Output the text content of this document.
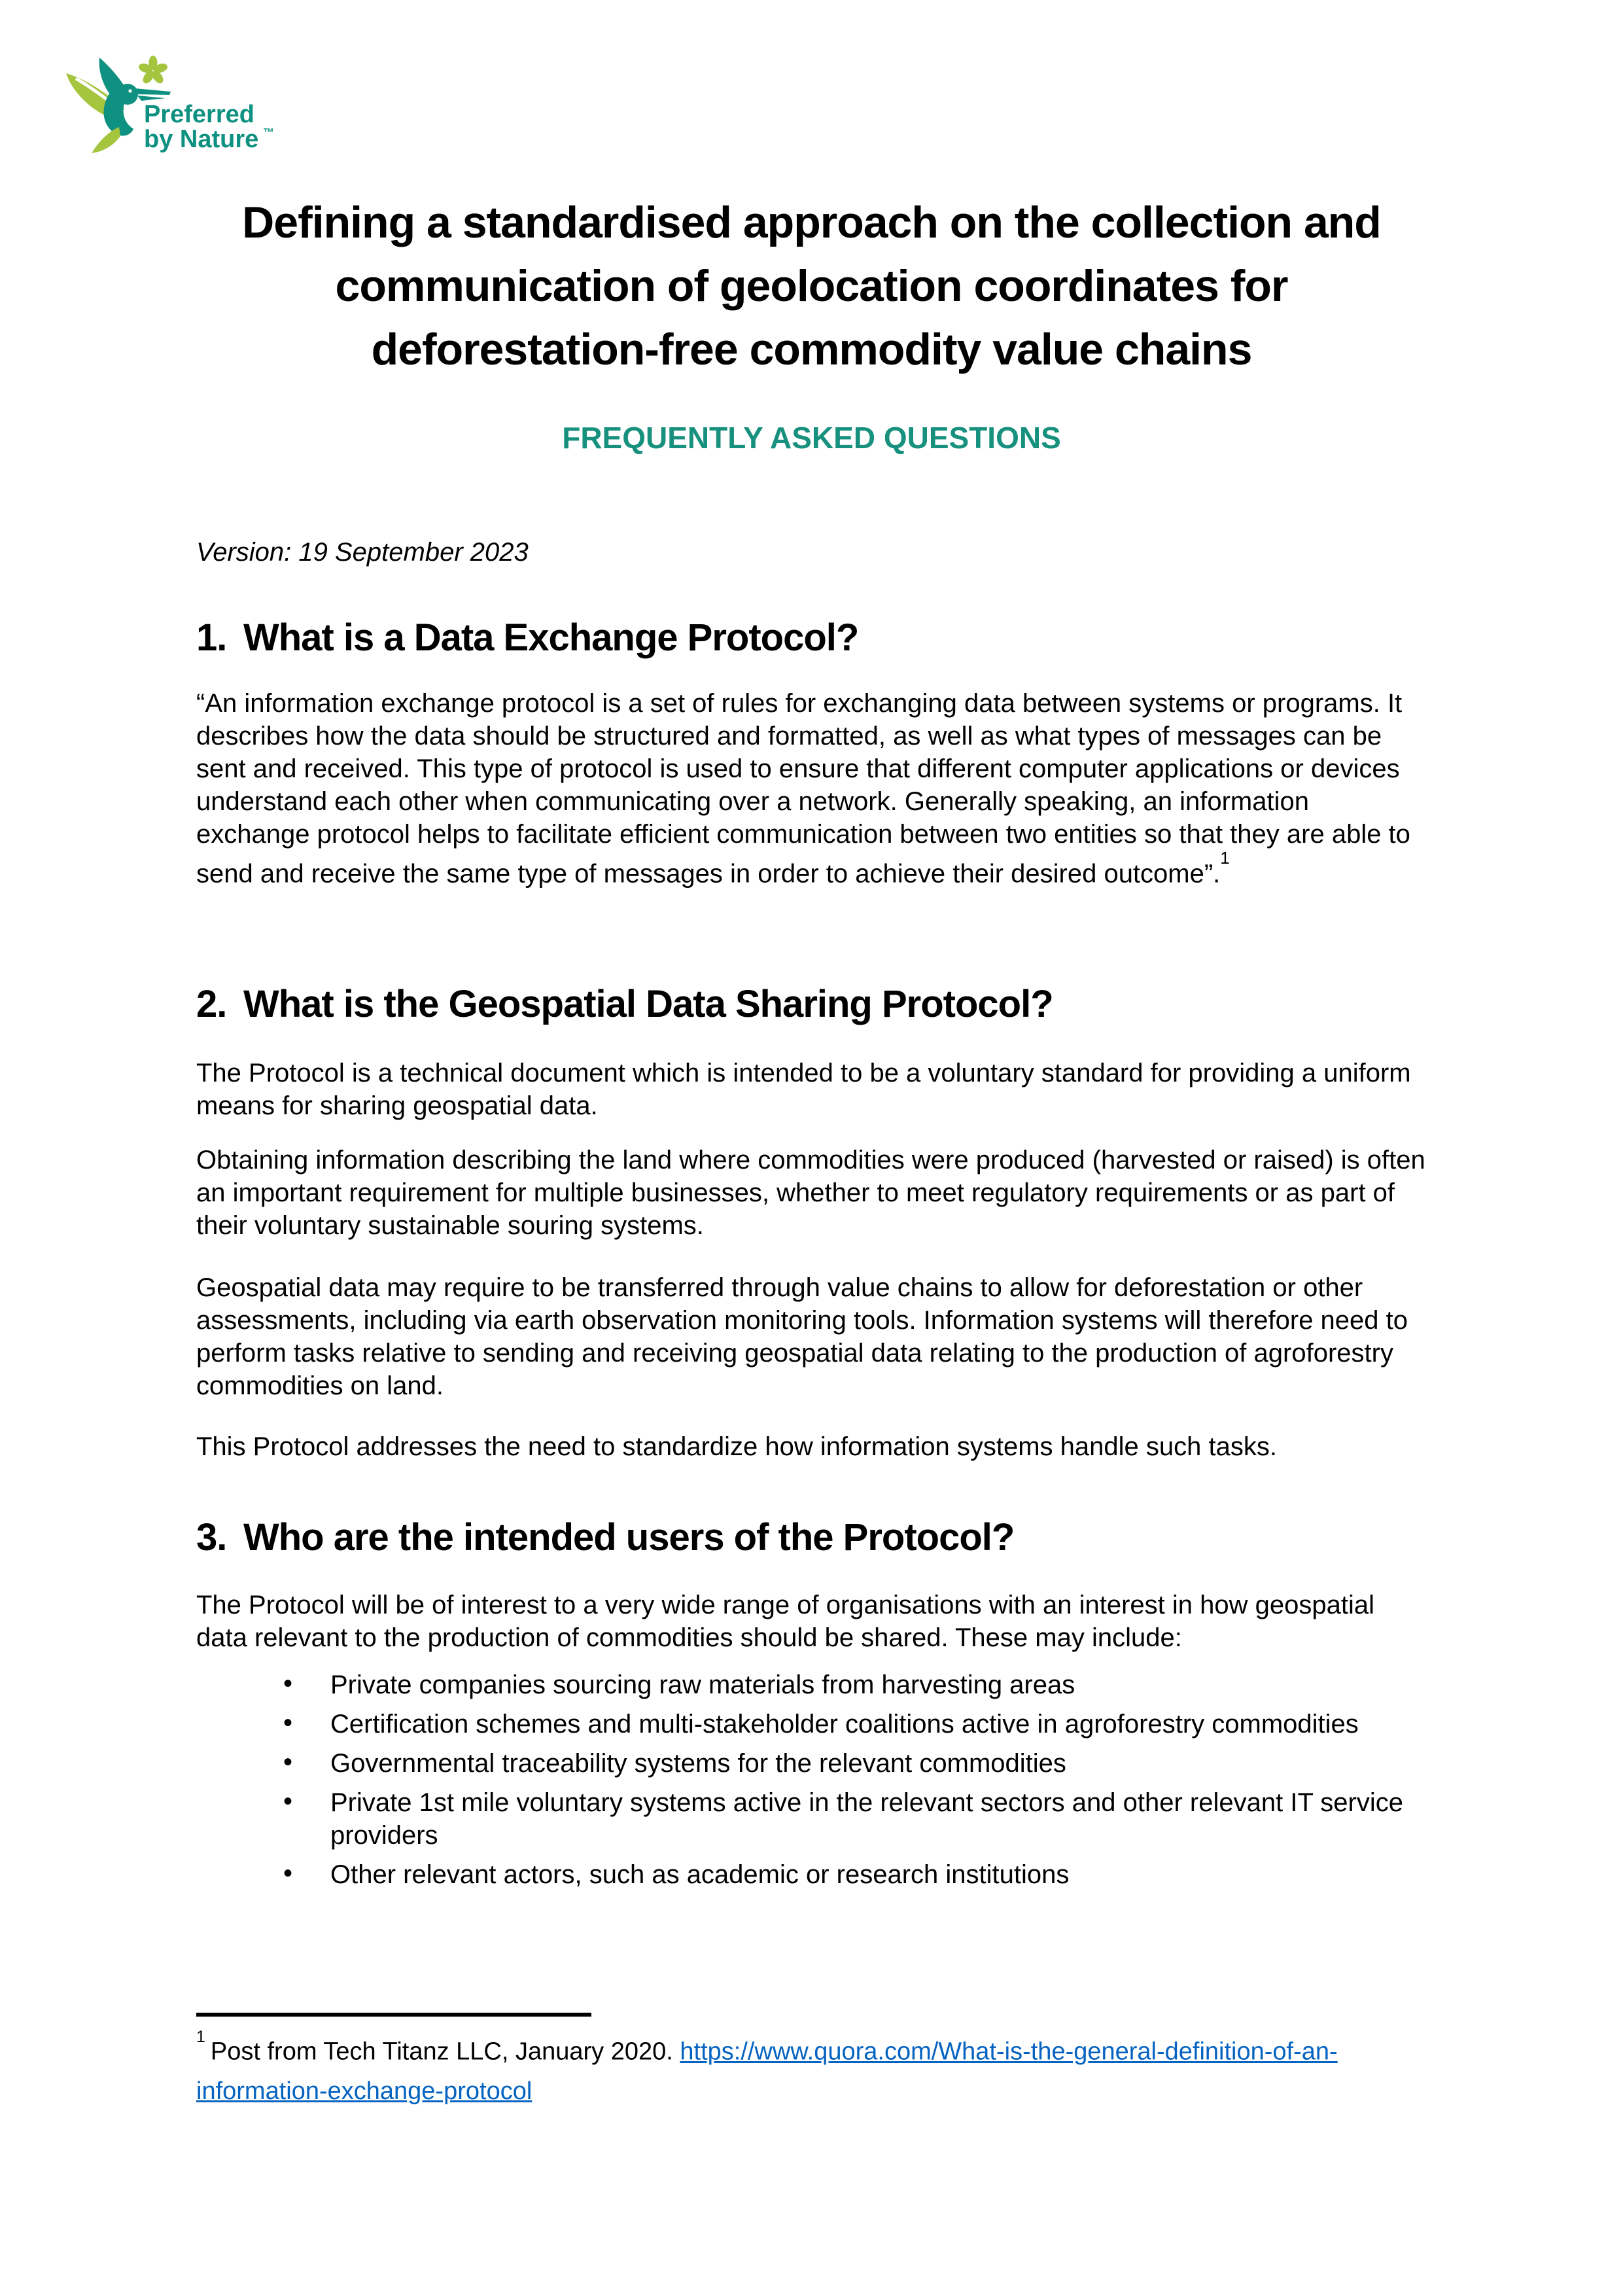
Preferred
by Nature ™
Defining a standardised approach on the collection and
communication of geolocation coordinates for
deforestation-free commodity value chains
FREQUENTLY ASKED QUESTIONS
Version: 19 September 2023
1. What is a Data Exchange Protocol?

“An information exchange protocol is a set of rules for exchanging data between systems or programs. It describes how the data should be structured and formatted, as well as what types of messages can be sent and received. This type of protocol is used to ensure that different computer applications or devices understand each other when communicating over a network. Generally speaking, an information exchange protocol helps to facilitate efficient communication between two entities so that they are able to send and receive the same type of messages in order to achieve their desired outcome”.$^1$

2. What is the Geospatial Data Sharing Protocol?

The Protocol is a technical document which is intended to be a voluntary standard for providing a uniform means for sharing geospatial data.

Obtaining information describing the land where commodities were produced (harvested or raised) is often an important requirement for multiple businesses, whether to meet regulatory requirements or as part of their voluntary sustainable souring systems.

Geospatial data may require to be transferred through value chains to allow for deforestation or other assessments, including via earth observation monitoring tools. Information systems will therefore need to perform tasks relative to sending and receiving geospatial data relating to the production of agroforestry commodities on land.

This Protocol addresses the need to standardize how information systems handle such tasks.

3. Who are the intended users of the Protocol?

The Protocol will be of interest to a very wide range of organisations with an interest in how geospatial data relevant to the production of commodities should be shared. These may include:

• Private companies sourcing raw materials from harvesting areas
• Certification schemes and multi-stakeholder coalitions active in agroforestry commodities
• Governmental traceability systems for the relevant commodities
• Private 1st mile voluntary systems active in the relevant sectors and other relevant IT service providers
• Other relevant actors, such as academic or research institutions
$^1$Post from Tech Titanz LLC, January 2020. https://www.quora.com/What-is-the-general-definition-of-an-information-exchange-protocol
